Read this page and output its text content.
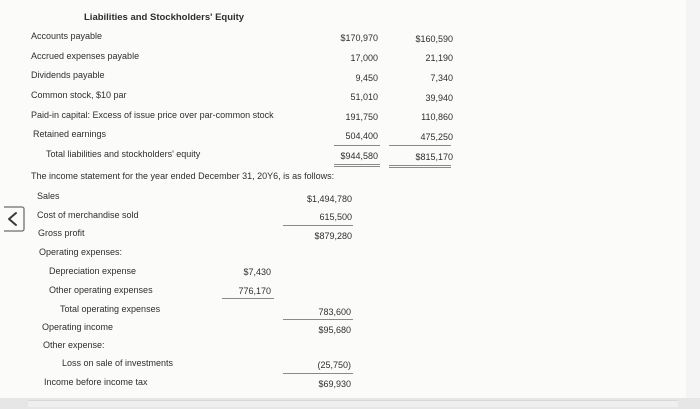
Liabilities and Stockholders' Equity
Accounts payable	$170,970	$160,590
Accrued expenses payable	17,000	21,190
Dividends payable	9,450	7,340
Common stock, $10 par	51,010	39,940
Paid-in capital: Excess of issue price over par-common stock	191,750	110,860
Retained earnings	504,400	475,250
Total liabilities and stockholders' equity	$944,580	$815,170
The income statement for the year ended December 31, 20Y6, is as follows:
Sales	$1,494,780
Cost of merchandise sold	615,500
Gross profit	$879,280
Operating expenses:
Depreciation expense	$7,430
Other operating expenses	776,170
Total operating expenses	783,600
Operating income	$95,680
Other expense:
Loss on sale of investments	(25,750)
Income before income tax	$69,930
